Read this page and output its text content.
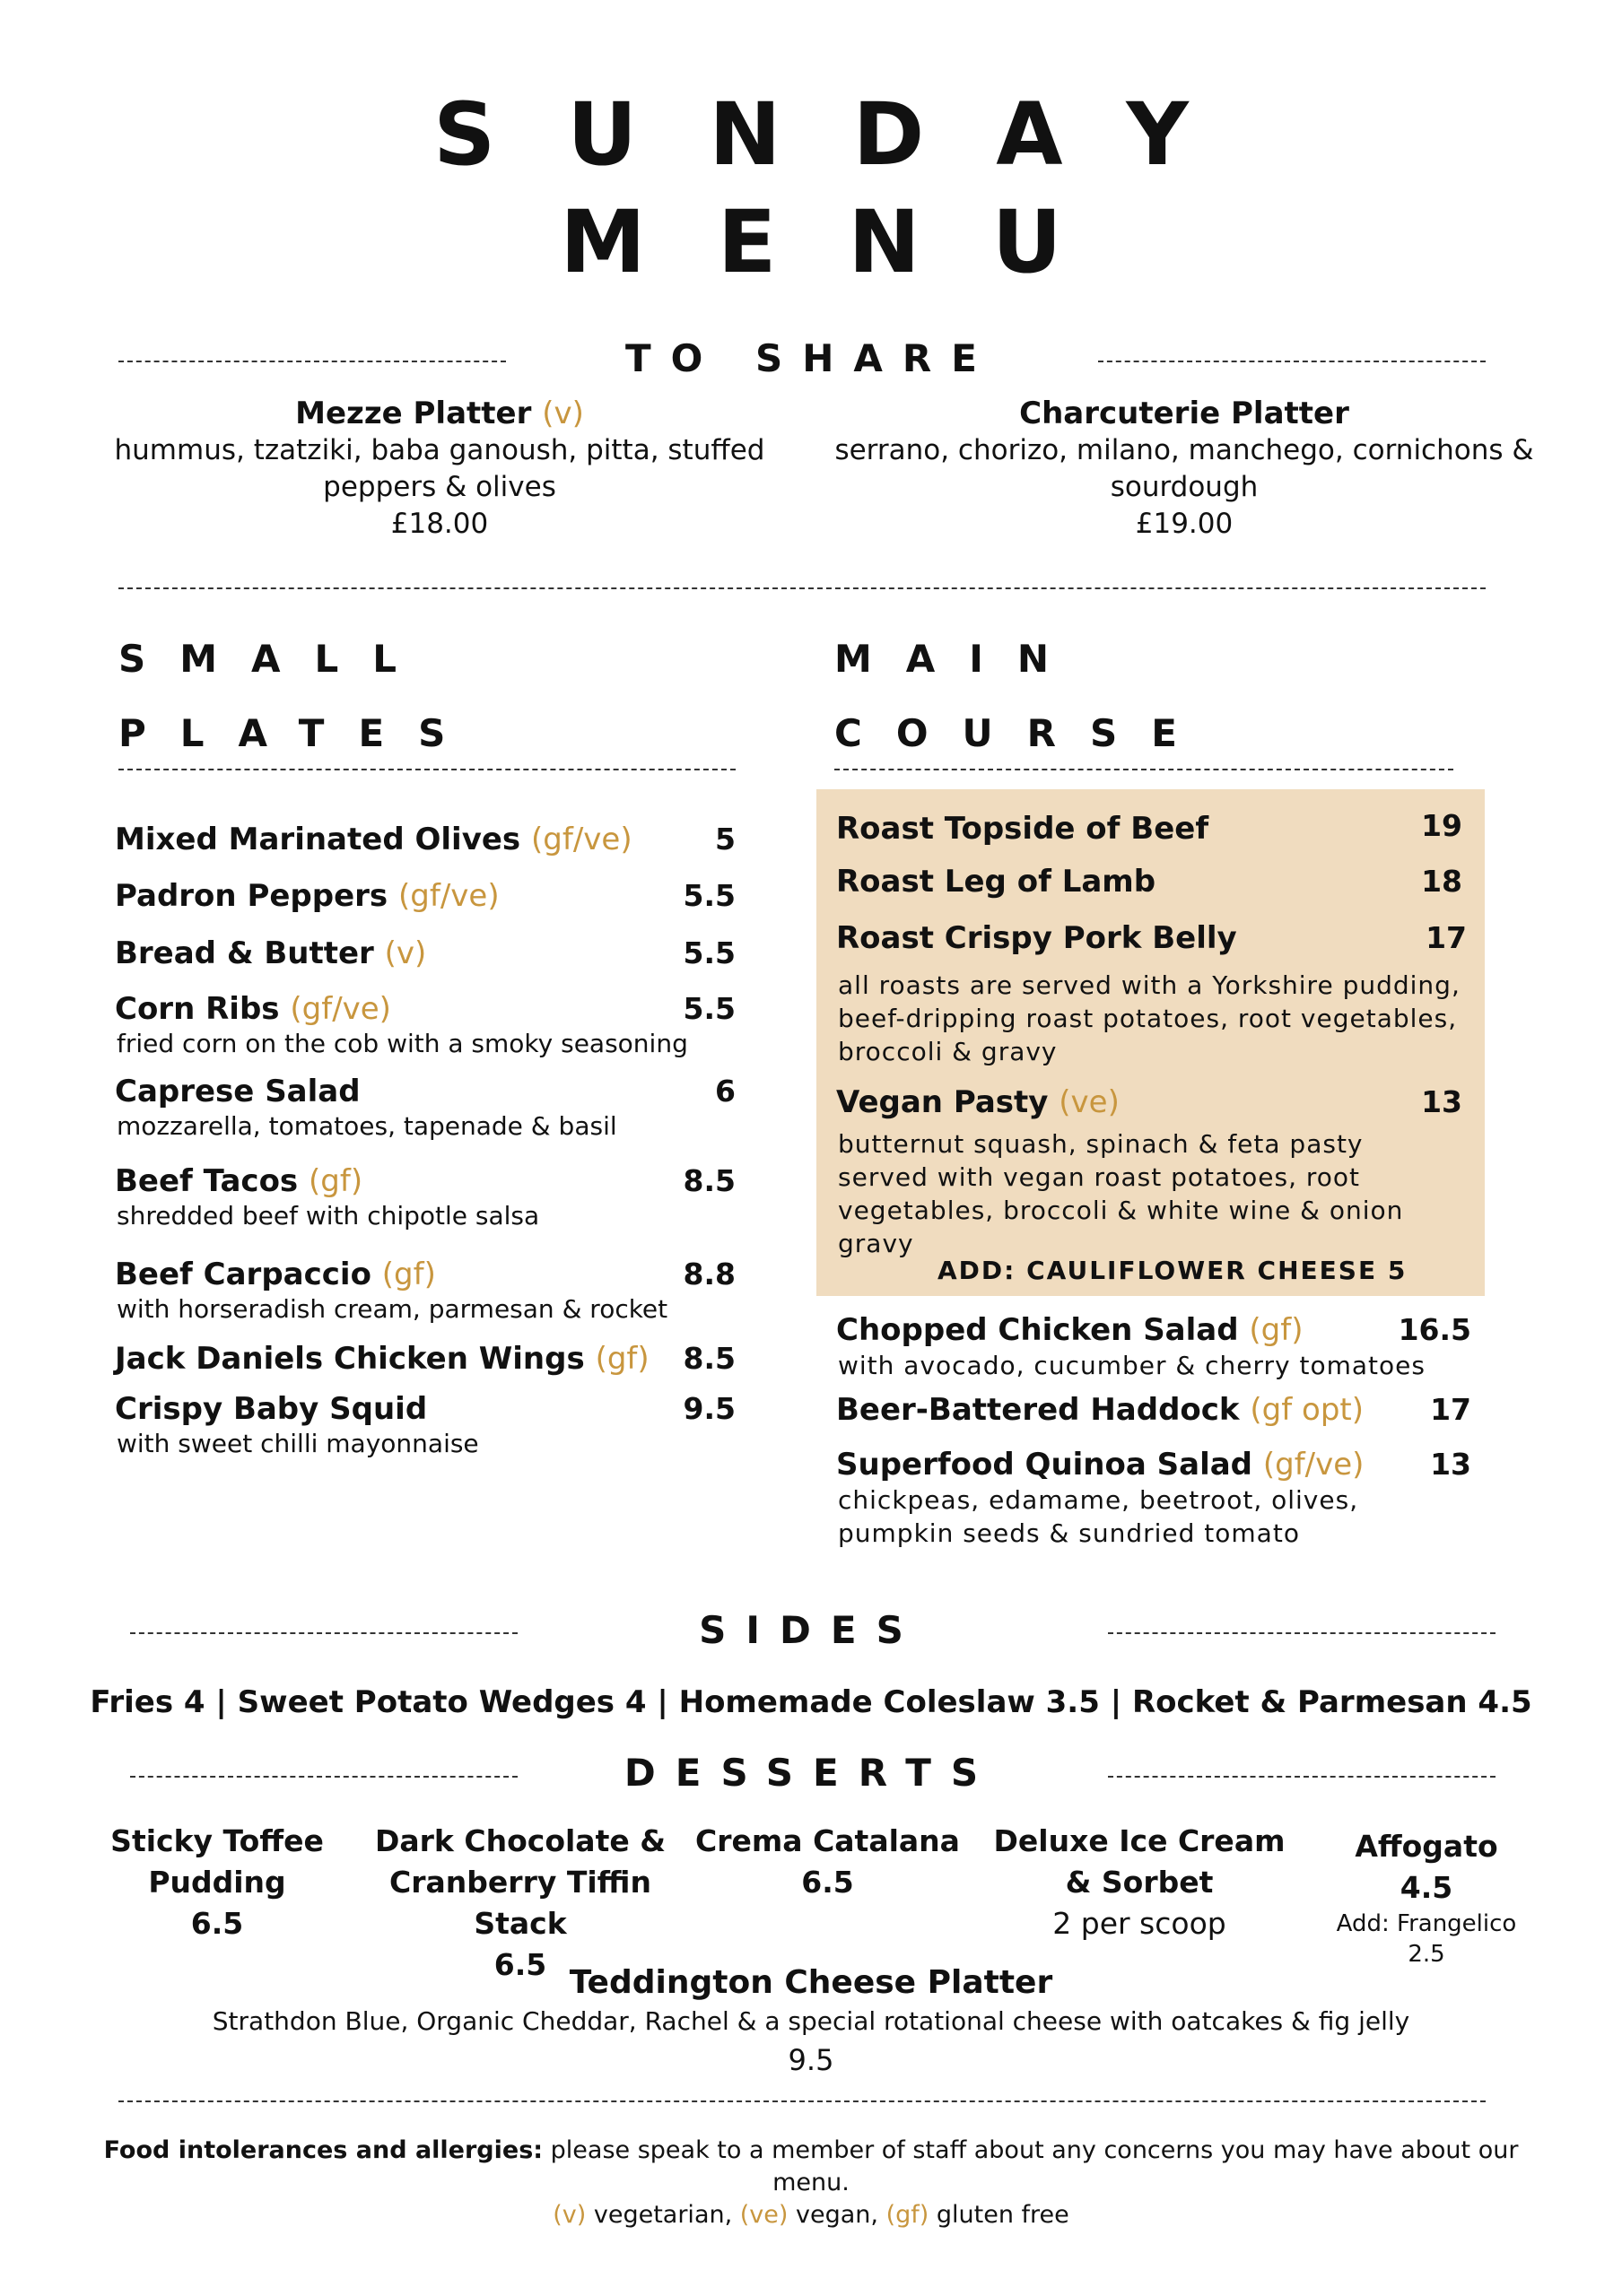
SUNDAY
MENU
TO SHARE
Mezze Platter (v)
hummus, tzatziki, baba ganoush, pitta, stuffed peppers & olives
£18.00
Charcuterie Platter
serrano, chorizo, milano, manchego, cornichons & sourdough
£19.00
SMALL
PLATES
Mixed Marinated Olives (gf/ve)	5
Padron Peppers (gf/ve)	5.5
Bread & Butter (v)	5.5
Corn Ribs (gf/ve)	5.5
fried corn on the cob with a smoky seasoning
Caprese Salad	6
mozzarella, tomatoes, tapenade & basil
Beef Tacos (gf)	8.5
shredded beef with chipotle salsa
Beef Carpaccio (gf)	8.8
with horseradish cream, parmesan & rocket
Jack Daniels Chicken Wings (gf)	8.5
Crispy Baby Squid	9.5
with sweet chilli mayonnaise
MAIN
COURSE
Roast Topside of Beef	19
Roast Leg of Lamb	18
Roast Crispy Pork Belly	17
all roasts are served with a Yorkshire pudding, beef-dripping roast potatoes, root vegetables, broccoli & gravy
Vegan Pasty (ve)	13
butternut squash, spinach & feta pasty served with vegan roast potatoes, root vegetables, broccoli & white wine & onion gravy
ADD: CAULIFLOWER CHEESE 5
Chopped Chicken Salad (gf)	16.5
with avocado, cucumber & cherry tomatoes
Beer-Battered Haddock (gf opt)	17
Superfood Quinoa Salad (gf/ve)	13
chickpeas, edamame, beetroot, olives, pumpkin seeds & sundried tomato
SIDES
Fries 4 | Sweet Potato Wedges 4 | Homemade Coleslaw 3.5 | Rocket & Parmesan 4.5
DESSERTS
Sticky Toffee Pudding
6.5
Dark Chocolate & Cranberry Tiffin Stack
6.5
Crema Catalana
6.5
Deluxe Ice Cream & Sorbet
2 per scoop
Affogato
4.5
Add: Frangelico
2.5
Teddington Cheese Platter
Strathdon Blue, Organic Cheddar, Rachel & a special rotational cheese with oatcakes & fig jelly
9.5
Food intolerances and allergies: please speak to a member of staff about any concerns you may have about our menu.
(v) vegetarian, (ve) vegan, (gf) gluten free
